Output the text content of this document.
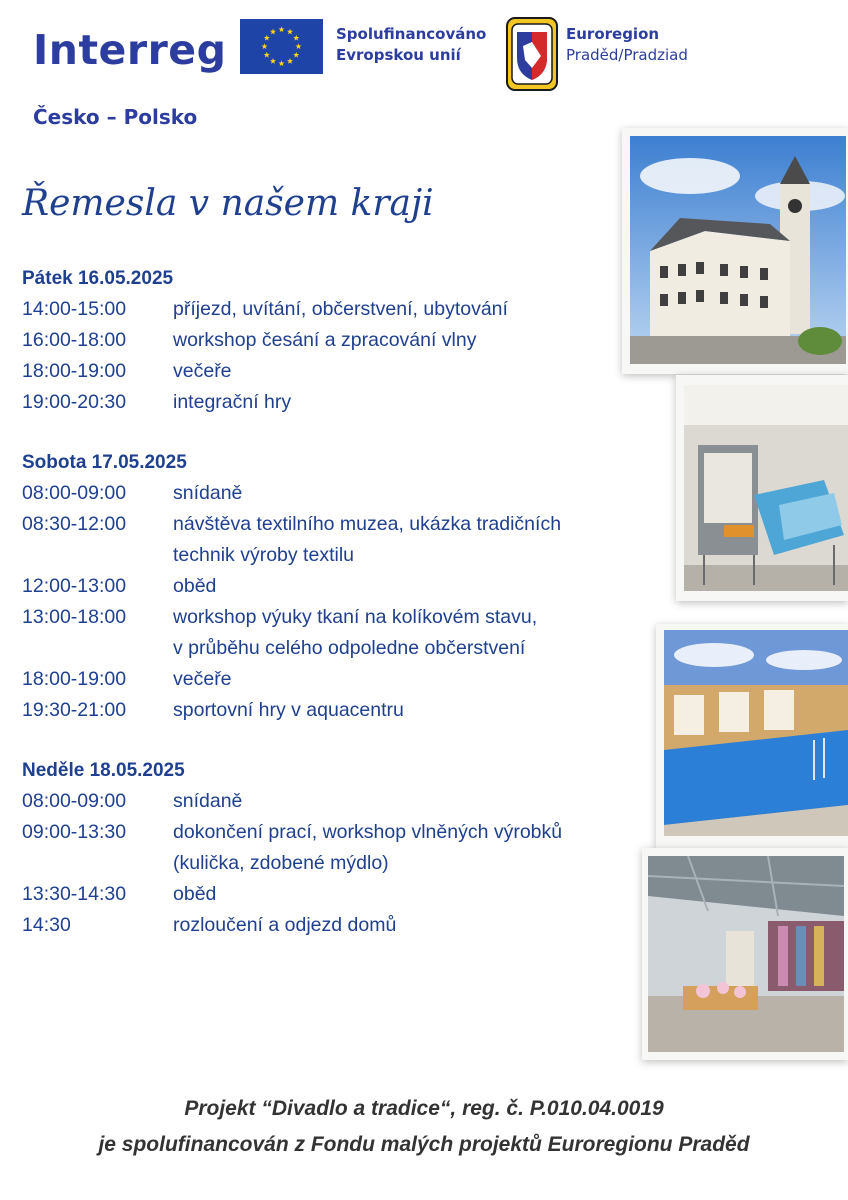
Interreg
Česko – Polsko
Spolufinancováno
Evropskou unií
Euroregion
Praděd/Pradziad
Řemesla v našem kraji
Pátek 16.05.2025
14:00-15:00	příjezd, uvítání, občerstvení, ubytování
16:00-18:00	workshop česání a zpracování vlny
18:00-19:00	večeře
19:00-20:30	integrační hry
Sobota 17.05.2025
08:00-09:00	snídaně
08:30-12:00	návštěva textilního muzea, ukázka tradičních
technik výroby textilu
12:00-13:00	oběd
13:00-18:00	workshop výuky tkaní na kolíkovém stavu,
v průběhu celého odpoledne občerstvení
18:00-19:00	večeře
19:30-21:00	sportovní hry v aquacentru
Neděle 18.05.2025
08:00-09:00	snídaně
09:00-13:30	dokončení prací, workshop vlněných výrobků
(kulička, zdobené mýdlo)
13:30-14:30	oběd
14:30	rozloučení a odjezd domů
Projekt “Divadlo a tradice“, reg. č. P.010.04.0019
je spolufinancován z Fondu malých projektů Euroregionu Praděd
